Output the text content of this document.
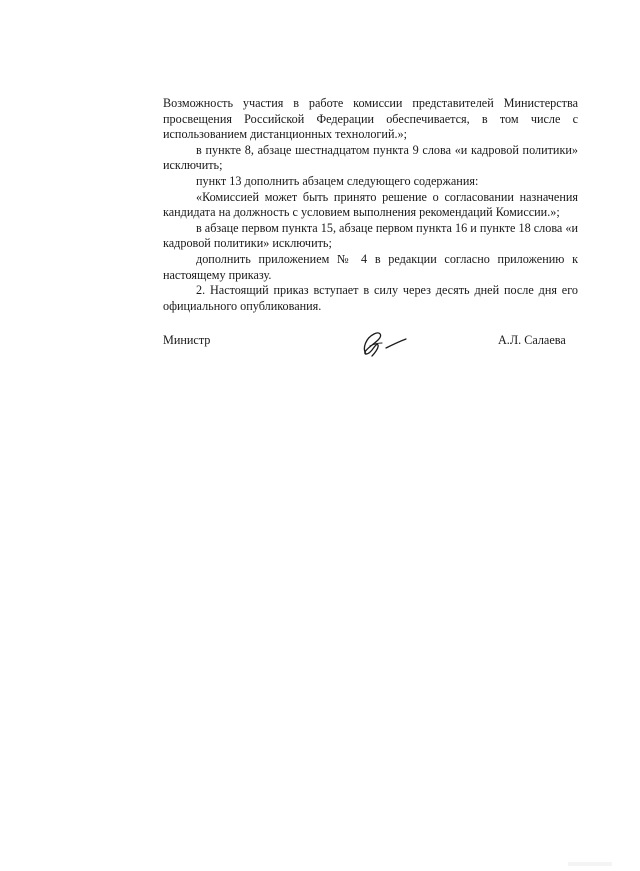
Возможность участия в работе комиссии представителей Министерства просвещения Российской Федерации обеспечивается, в том числе с использованием дистанционных технологий.»;

в пункте 8, абзаце шестнадцатом пункта 9 слова «и кадровой политики» исключить;

пункт 13 дополнить абзацем следующего содержания:

«Комиссией может быть принято решение о согласовании назначения кандидата на должность с условием выполнения рекомендаций Комиссии.»;

в абзаце первом пункта 15, абзаце первом пункта 16 и пункте 18 слова «и кадровой политики» исключить;

дополнить приложением № 4 в редакции согласно приложению к настоящему приказу.

2. Настоящий приказ вступает в силу через десять дней после дня его официального опубликования.

Министр	А.Л. Салаева
